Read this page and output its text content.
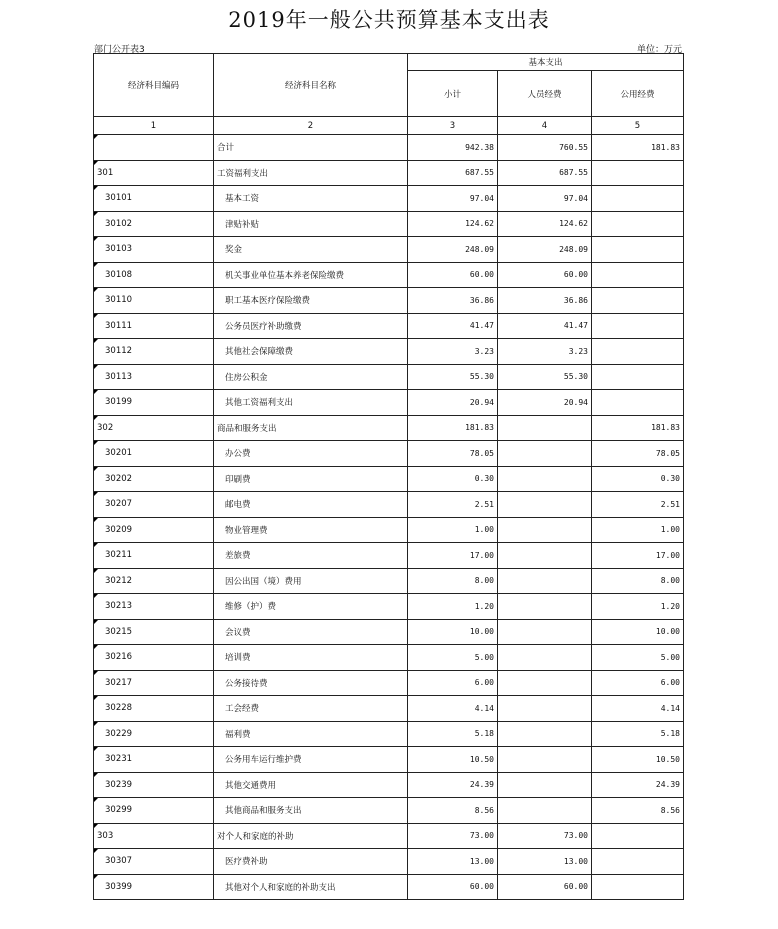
2019年一般公共预算基本支出表
部门公开表3	单位：万元
经济科目编码	经济科目名称	基本支出		
		小计	人员经费	公用经费
1	2	3	4	5
	合计	942.38	760.55	181.83
301	工资福利支出	687.55	687.55	
30101	基本工资	97.04	97.04	
30102	津贴补贴	124.62	124.62	
30103	奖金	248.09	248.09	
30108	机关事业单位基本养老保险缴费	60.00	60.00	
30110	职工基本医疗保险缴费	36.86	36.86	
30111	公务员医疗补助缴费	41.47	41.47	
30112	其他社会保障缴费	3.23	3.23	
30113	住房公积金	55.30	55.30	
30199	其他工资福利支出	20.94	20.94	
302	商品和服务支出	181.83		181.83
30201	办公费	78.05		78.05
30202	印刷费	0.30		0.30
30207	邮电费	2.51		2.51
30209	物业管理费	1.00		1.00
30211	差旅费	17.00		17.00
30212	因公出国（境）费用	8.00		8.00
30213	维修（护）费	1.20		1.20
30215	会议费	10.00		10.00
30216	培训费	5.00		5.00
30217	公务接待费	6.00		6.00
30228	工会经费	4.14		4.14
30229	福利费	5.18		5.18
30231	公务用车运行维护费	10.50		10.50
30239	其他交通费用	24.39		24.39
30299	其他商品和服务支出	8.56		8.56
303	对个人和家庭的补助	73.00	73.00	
30307	医疗费补助	13.00	13.00	
30399	其他对个人和家庭的补助支出	60.00	60.00	
